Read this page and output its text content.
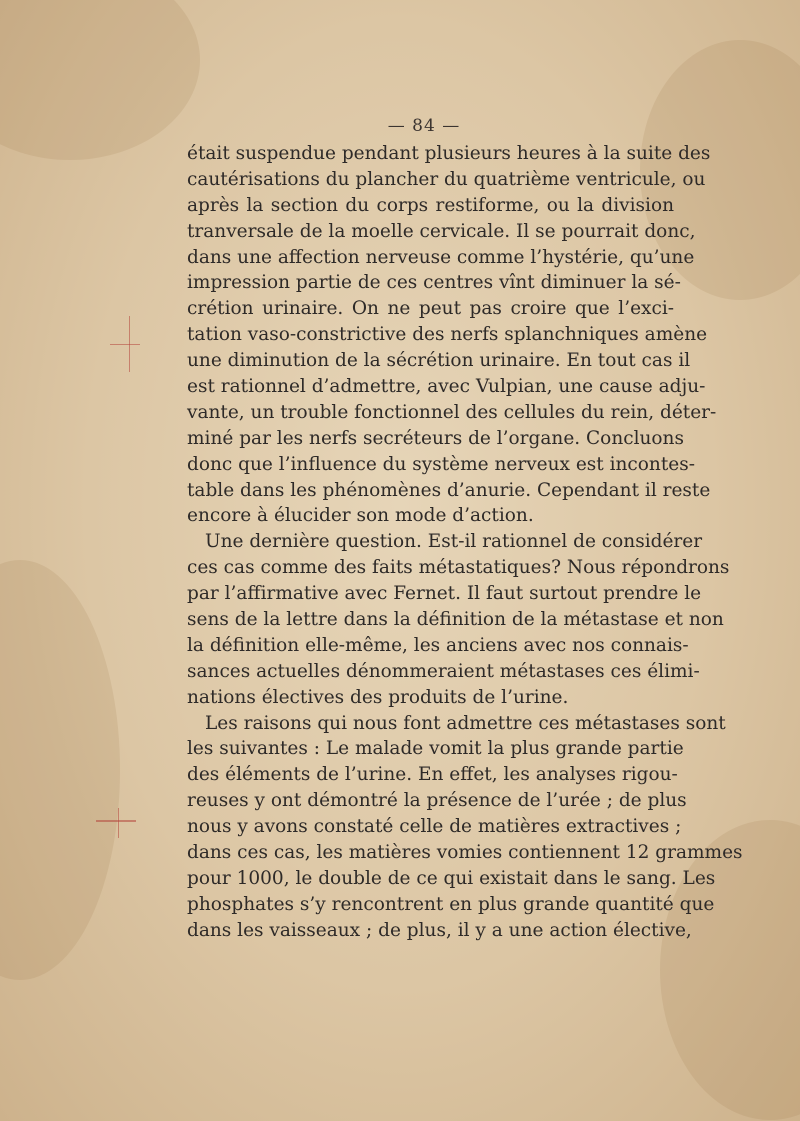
— 84 —
était suspendue pendant plusieurs heures à la suite des
cautérisations du plancher du quatrième ventricule, ou
après la section du corps restiforme, ou la division
tranversale de la moelle cervicale. Il se pourrait donc,
dans une affection nerveuse comme l’hystérie, qu’une
impression partie de ces centres vînt diminuer la sé-
crétion urinaire. On ne peut pas croire que l’exci-
tation vaso-constrictive des nerfs splanchniques amène
une diminution de la sécrétion urinaire. En tout cas il
est rationnel d’admettre, avec Vulpian, une cause adju-
vante, un trouble fonctionnel des cellules du rein, déter-
miné par les nerfs secréteurs de l’organe. Concluons
donc que l’influence du système nerveux est incontes-
table dans les phénomènes d’anurie. Cependant il reste
encore à élucider son mode d’action.
Une dernière question. Est-il rationnel de considérer
ces cas comme des faits métastatiques? Nous répondrons
par l’affirmative avec Fernet. Il faut surtout prendre le
sens de la lettre dans la définition de la métastase et non
la définition elle-même, les anciens avec nos connais-
sances actuelles dénommeraient métastases ces élimi-
nations électives des produits de l’urine.
Les raisons qui nous font admettre ces métastases sont
les suivantes : Le malade vomit la plus grande partie
des éléments de l’urine. En effet, les analyses rigou-
reuses y ont démontré la présence de l’urée ; de plus
nous y avons constaté celle de matières extractives ;
dans ces cas, les matières vomies contiennent 12 grammes
pour 1000, le double de ce qui existait dans le sang. Les
phosphates s’y rencontrent en plus grande quantité que
dans les vaisseaux ; de plus, il y a une action élective,
